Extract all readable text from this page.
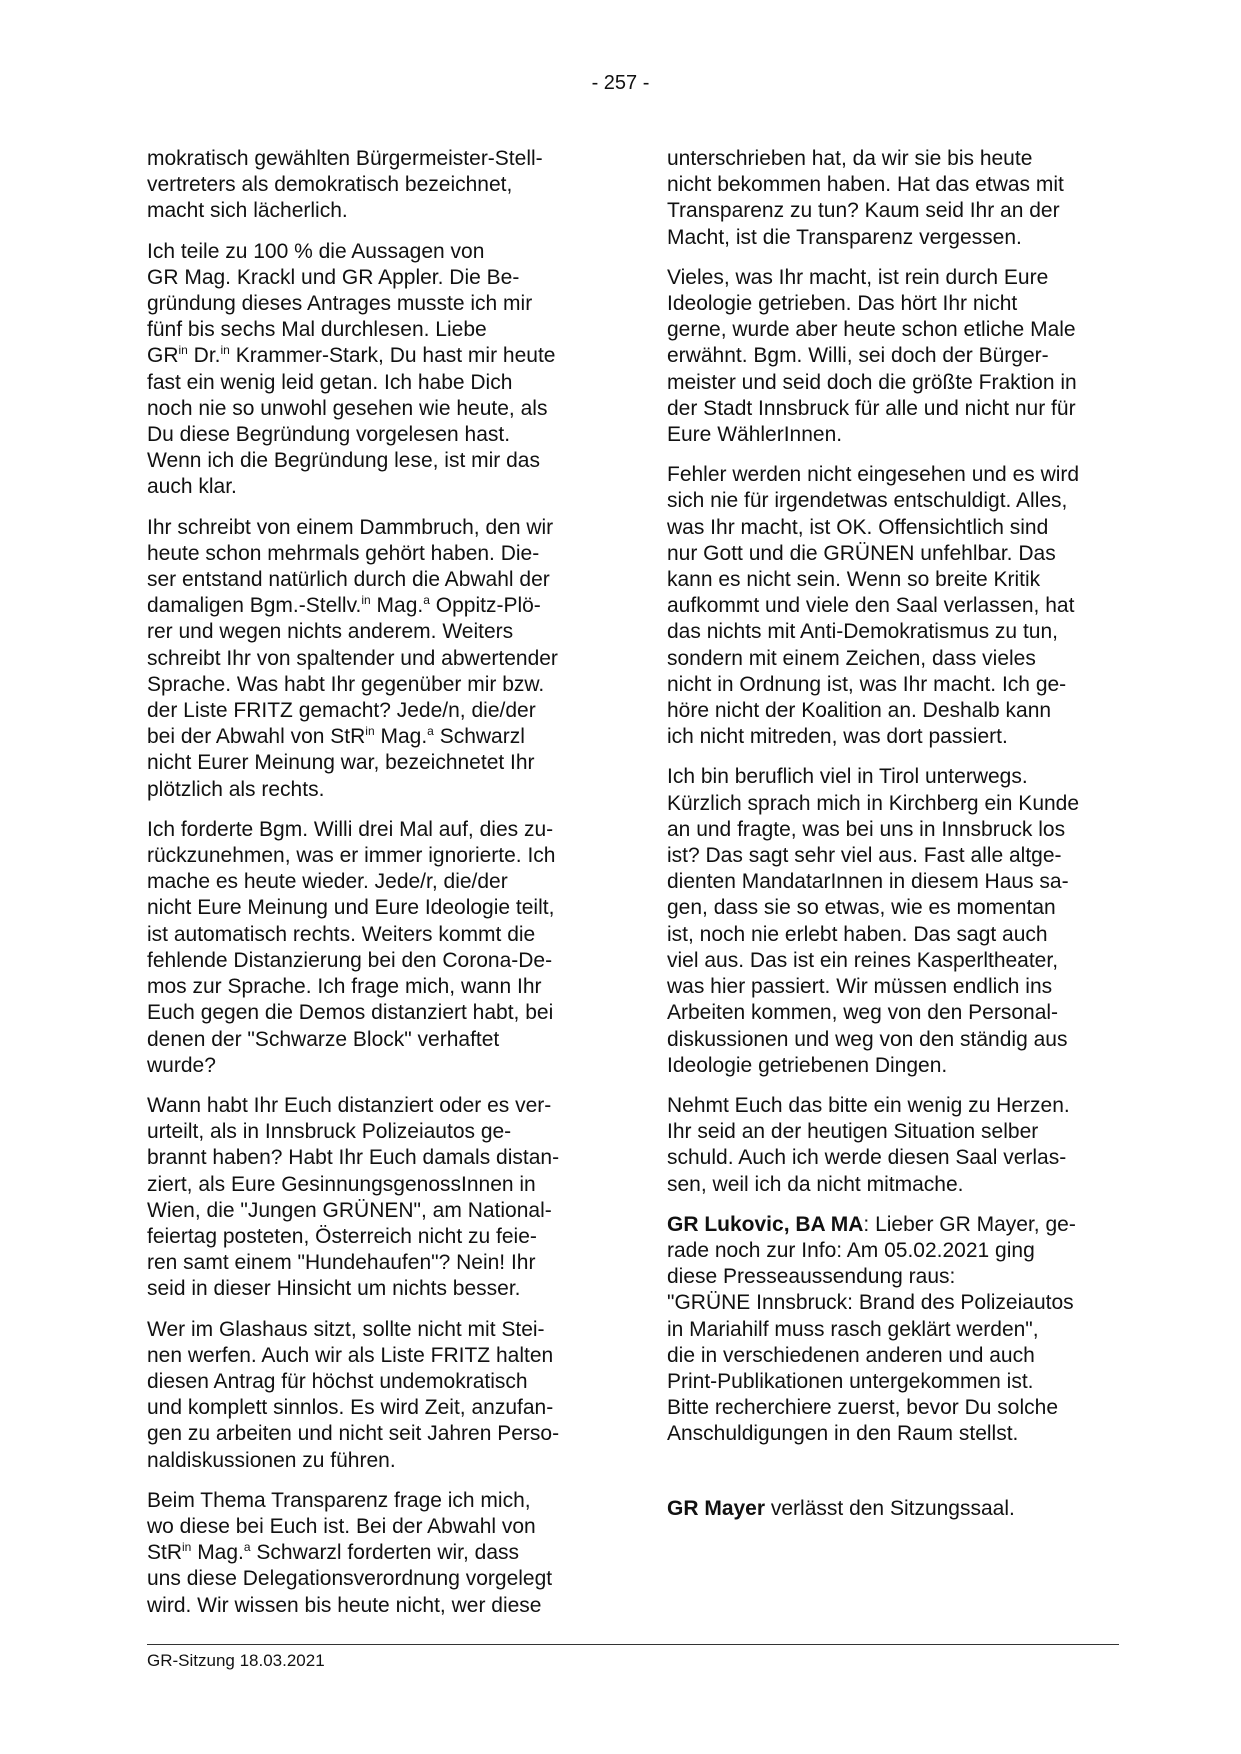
- 257 -

mokratisch gewählten Bürgermeister-Stell-
vertreters als demokratisch bezeichnet,
macht sich lächerlich.

Ich teile zu 100 % die Aussagen von
GR Mag. Krackl und GR Appler. Die Be-
gründung dieses Antrages musste ich mir
fünf bis sechs Mal durchlesen. Liebe
$GR^{in}$ Dr.$^{in}$ Krammer-Stark, Du hast mir heute
fast ein wenig leid getan. Ich habe Dich
noch nie so unwohl gesehen wie heute, als
Du diese Begründung vorgelesen hast.
Wenn ich die Begründung lese, ist mir das
auch klar.

Ihr schreibt von einem Dammbruch, den wir
heute schon mehrmals gehört haben. Die-
ser entstand natürlich durch die Abwahl der
damaligen Bgm.-Stellv.$^{in}$ Mag.$^a$ Oppitz-Plö-
rer und wegen nichts anderem. Weiters
schreibt Ihr von spaltender und abwertender
Sprache. Was habt Ihr gegenüber mir bzw.
der Liste FRITZ gemacht? Jede/n, die/der
bei der Abwahl von StR$^{in}$ Mag.$^a$ Schwarzl
nicht Eurer Meinung war, bezeichnetet Ihr
plötzlich als rechts.

Ich forderte Bgm. Willi drei Mal auf, dies zu-
rückzunehmen, was er immer ignorierte. Ich
mache es heute wieder. Jede/r, die/der
nicht Eure Meinung und Eure Ideologie teilt,
ist automatisch rechts. Weiters kommt die
fehlende Distanzierung bei den Corona-De-
mos zur Sprache. Ich frage mich, wann Ihr
Euch gegen die Demos distanziert habt, bei
denen der "Schwarze Block" verhaftet
wurde?

Wann habt Ihr Euch distanziert oder es ver-
urteilt, als in Innsbruck Polizeiautos ge-
brannt haben? Habt Ihr Euch damals distan-
ziert, als Eure GesinnungsgenossInnen in
Wien, die "Jungen GRÜNEN", am National-
feiertag posteten, Österreich nicht zu feie-
ren samt einem "Hundehaufen"? Nein! Ihr
seid in dieser Hinsicht um nichts besser.

Wer im Glashaus sitzt, sollte nicht mit Stei-
nen werfen. Auch wir als Liste FRITZ halten
diesen Antrag für höchst undemokratisch
und komplett sinnlos. Es wird Zeit, anzufan-
gen zu arbeiten und nicht seit Jahren Perso-
naldiskussionen zu führen.

Beim Thema Transparenz frage ich mich,
wo diese bei Euch ist. Bei der Abwahl von
StR$^{in}$ Mag.$^a$ Schwarzl forderten wir, dass
uns diese Delegationsverordnung vorgelegt
wird. Wir wissen bis heute nicht, wer diese

unterschrieben hat, da wir sie bis heute
nicht bekommen haben. Hat das etwas mit
Transparenz zu tun? Kaum seid Ihr an der
Macht, ist die Transparenz vergessen.

Vieles, was Ihr macht, ist rein durch Eure
Ideologie getrieben. Das hört Ihr nicht
gerne, wurde aber heute schon etliche Male
erwähnt. Bgm. Willi, sei doch der Bürger-
meister und seid doch die größte Fraktion in
der Stadt Innsbruck für alle und nicht nur für
Eure WählerInnen.

Fehler werden nicht eingesehen und es wird
sich nie für irgendetwas entschuldigt. Alles,
was Ihr macht, ist OK. Offensichtlich sind
nur Gott und die GRÜNEN unfehlbar. Das
kann es nicht sein. Wenn so breite Kritik
aufkommt und viele den Saal verlassen, hat
das nichts mit Anti-Demokratismus zu tun,
sondern mit einem Zeichen, dass vieles
nicht in Ordnung ist, was Ihr macht. Ich ge-
höre nicht der Koalition an. Deshalb kann
ich nicht mitreden, was dort passiert.

Ich bin beruflich viel in Tirol unterwegs.
Kürzlich sprach mich in Kirchberg ein Kunde
an und fragte, was bei uns in Innsbruck los
ist? Das sagt sehr viel aus. Fast alle altge-
dienten MandatarInnen in diesem Haus sa-
gen, dass sie so etwas, wie es momentan
ist, noch nie erlebt haben. Das sagt auch
viel aus. Das ist ein reines Kasperltheater,
was hier passiert. Wir müssen endlich ins
Arbeiten kommen, weg von den Personal-
diskussionen und weg von den ständig aus
Ideologie getriebenen Dingen.

Nehmt Euch das bitte ein wenig zu Herzen.
Ihr seid an der heutigen Situation selber
schuld. Auch ich werde diesen Saal verlas-
sen, weil ich da nicht mitmache.

GR Lukovic, BA MA: Lieber GR Mayer, ge-
rade noch zur Info: Am 05.02.2021 ging
diese Presseaussendung raus:
"GRÜNE Innsbruck: Brand des Polizeiautos
in Mariahilf muss rasch geklärt werden",
die in verschiedenen anderen und auch
Print-Publikationen untergekommen ist.
Bitte recherchiere zuerst, bevor Du solche
Anschuldigungen in den Raum stellst.

GR Mayer verlässt den Sitzungssaal.

GR-Sitzung 18.03.2021
